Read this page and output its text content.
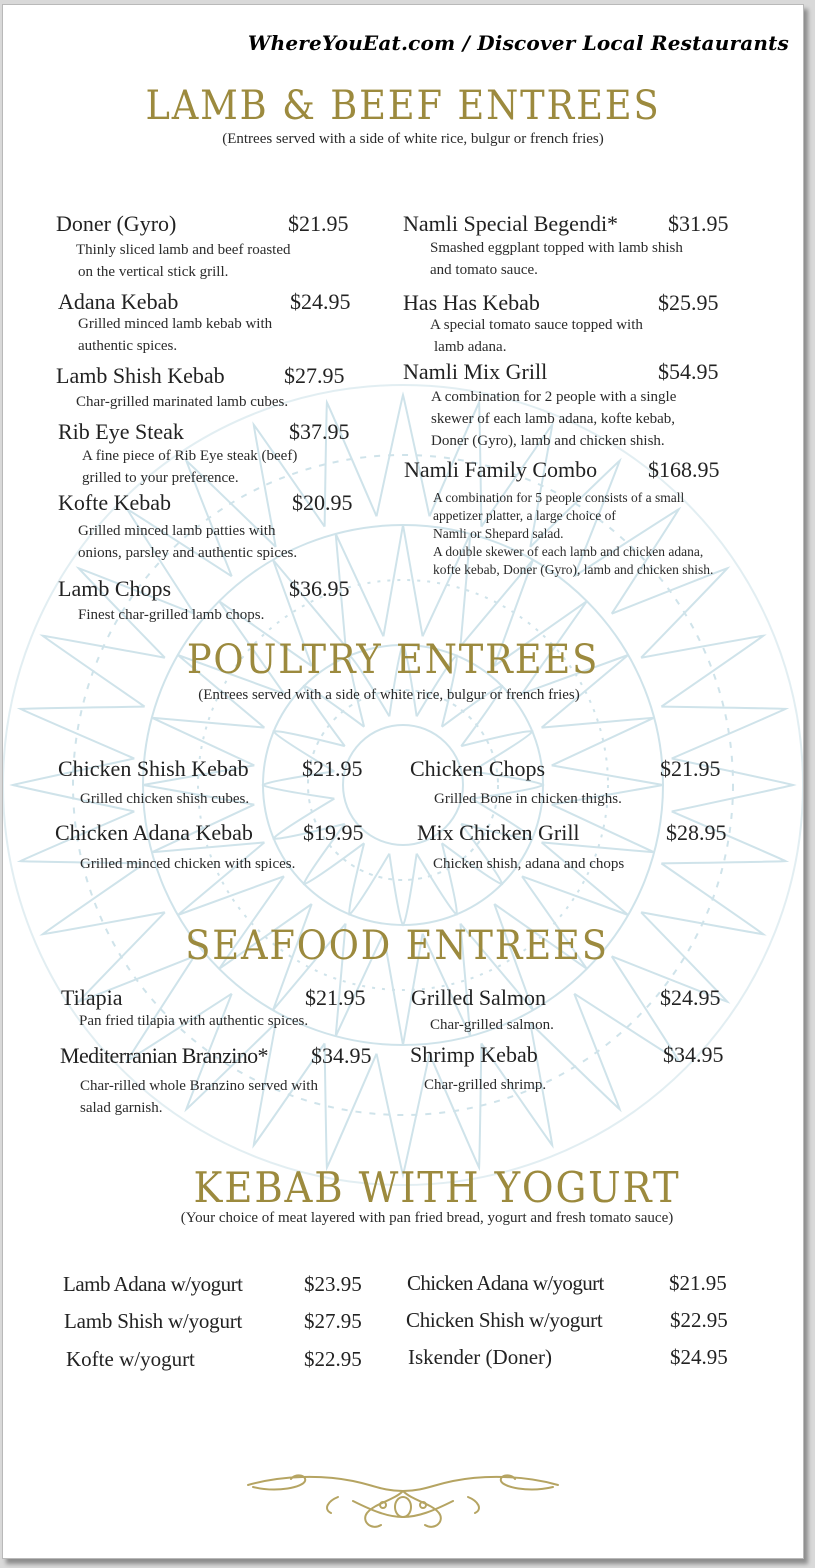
WhereYouEat.com / Discover Local Restaurants
LAMB & BEEF ENTREES
(Entrees served with a side of white rice, bulgur or french fries)
Doner (Gyro)	$21.95
Thinly sliced lamb and beef roasted
on the vertical stick grill.
Adana Kebab	$24.95
Grilled minced lamb kebab with
authentic spices.
Lamb Shish Kebab	$27.95
Char-grilled marinated lamb cubes.
Rib Eye Steak	$37.95
A fine piece of Rib Eye steak (beef)
grilled to your preference.
Kofte Kebab	$20.95
Grilled minced lamb patties with
onions, parsley and authentic spices.
Lamb Chops	$36.95
Finest char-grilled lamb chops.
Namli Special Begendi* $31.95
Smashed eggplant topped with lamb shish
and tomato sauce.
Has Has Kebab	$25.95
A special tomato sauce topped with
lamb adana.
Namli Mix Grill	$54.95
A combination for 2 people with a single
skewer of each lamb adana, kofte kebab,
Doner (Gyro), lamb and chicken shish.
Namli Family Combo $168.95
A combination for 5 people consists of a small
appetizer platter, a large choice of
Namli or Shepard salad.
A double skewer of each lamb and chicken adana,
kofte kebab, Doner (Gyro), lamb and chicken shish.
POULTRY ENTREES
(Entrees served with a side of white rice, bulgur or french fries)
Chicken Shish Kebab $21.95
Grilled chicken shish cubes.
Chicken Adana Kebab $19.95
Grilled minced chicken with spices.
Chicken Chops	$21.95
Grilled Bone in chicken thighs.
Mix Chicken Grill	$28.95
Chicken shish, adana and chops
SEAFOOD ENTREES
Tilapia	$21.95
Pan fried tilapia with authentic spices.
Mediterranian Branzino* $34.95
Char-rilled whole Branzino served with
salad garnish.
Grilled Salmon	$24.95
Char-grilled salmon.
Shrimp Kebab	$34.95
Char-grilled shrimp.
KEBAB WITH YOGURT
(Your choice of meat layered with pan fried bread, yogurt and fresh tomato sauce)
Lamb Adana w/yogurt	$23.95
Lamb Shish w/yogurt	$27.95
Kofte w/yogurt	$22.95
Chicken Adana w/yogurt	$21.95
Chicken Shish w/yogurt	$22.95
Iskender (Doner)	$24.95
